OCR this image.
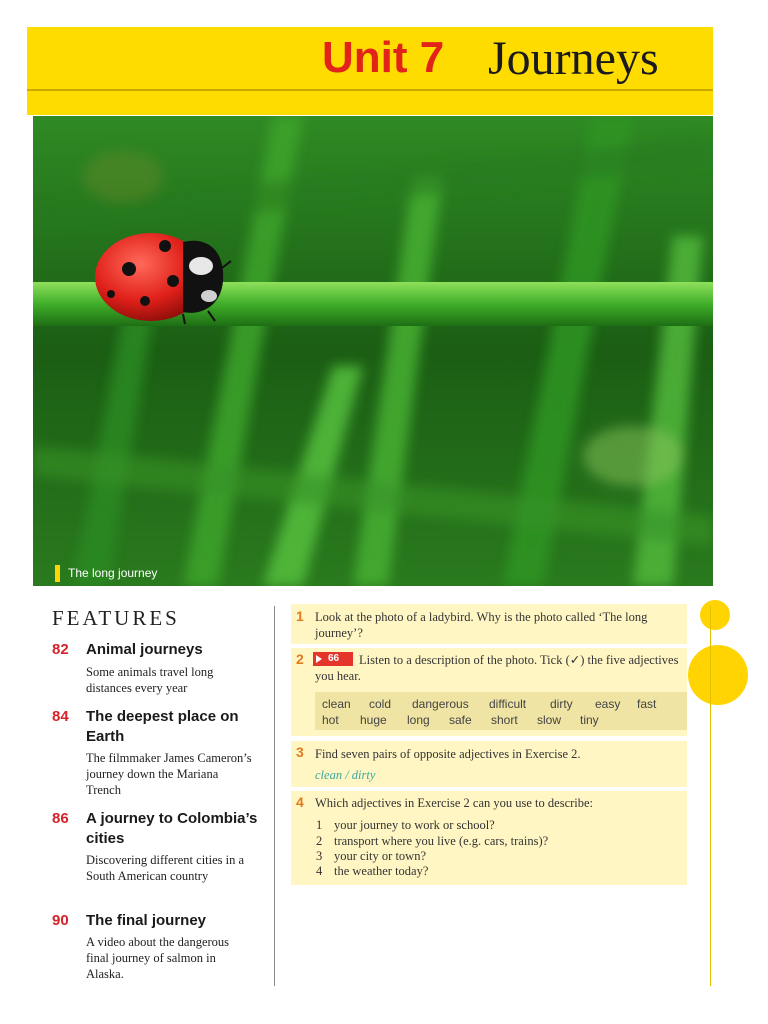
Unit 7 Journeys
The long journey
FEATURES
82 Animal journeys
Some animals travel long distances every year
84 The deepest place on Earth
The filmmaker James Cameron’s journey down the Mariana Trench
86 A journey to Colombia’s cities
Discovering different cities in a South American country
90 The final journey
A video about the dangerous final journey of salmon in Alaska.
1 Look at the photo of a ladybird. Why is the photo called ‘The long journey’?
2 66	Listen to a description of the photo. Tick (✓) the five adjectives you hear.
clean cold dangerous difficult dirty easy fast
hot huge long safe short slow tiny
3 Find seven pairs of opposite adjectives in Exercise 2.
clean / dirty
4 Which adjectives in Exercise 2 can you use to describe:
1 your journey to work or school?
2 transport where you live (e.g. cars, trains)?
3 your city or town?
4 the weather today?
